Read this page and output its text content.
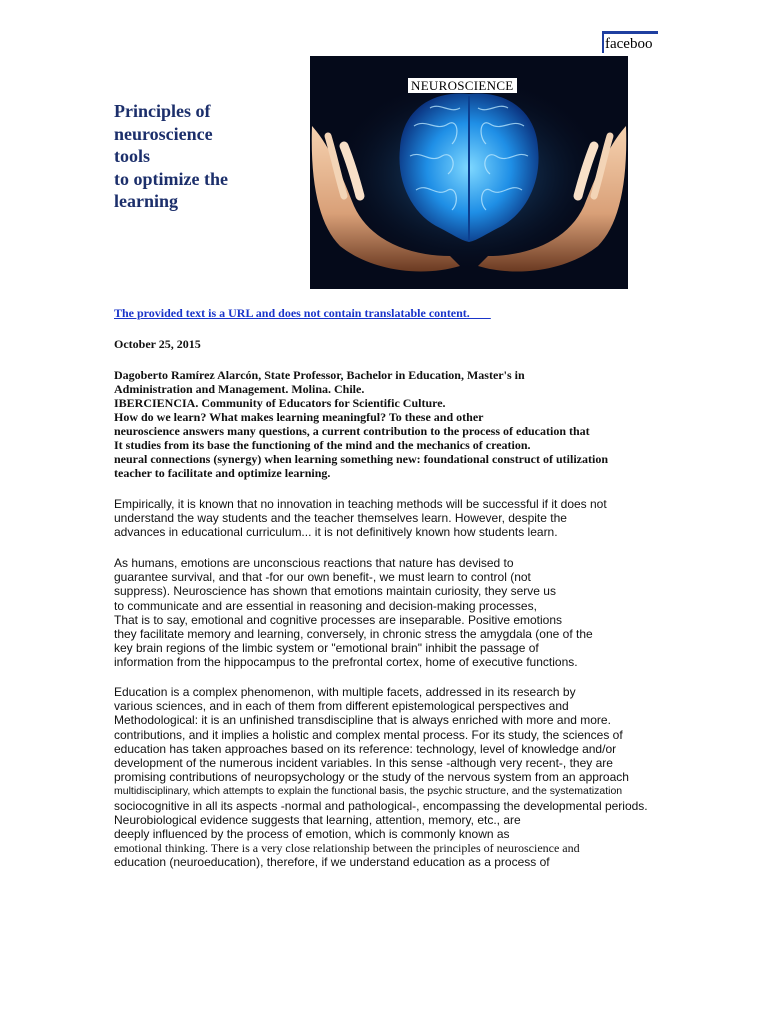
faceboo
Principles of
neuroscience
tools
to optimize the
learning
NEUROSCIENCE
The provided text is a URL and does not contain translatable content.
October 25, 2015
Dagoberto Ramírez Alarcón, State Professor, Bachelor in Education, Master's in
Administration and Management. Molina. Chile.
IBERCIENCIA. Community of Educators for Scientific Culture.
How do we learn? What makes learning meaningful? To these and other
neuroscience answers many questions, a current contribution to the process of education that
It studies from its base the functioning of the mind and the mechanics of creation.
neural connections (synergy) when learning something new: foundational construct of utilization
teacher to facilitate and optimize learning.
Empirically, it is known that no innovation in teaching methods will be successful if it does not
understand the way students and the teacher themselves learn. However, despite the
advances in educational curriculum... it is not definitively known how students learn.
As humans, emotions are unconscious reactions that nature has devised to
guarantee survival, and that -for our own benefit-, we must learn to control (not
suppress). Neuroscience has shown that emotions maintain curiosity, they serve us
to communicate and are essential in reasoning and decision-making processes,
That is to say, emotional and cognitive processes are inseparable. Positive emotions
they facilitate memory and learning, conversely, in chronic stress the amygdala (one of the
key brain regions of the limbic system or "emotional brain" inhibit the passage of
information from the hippocampus to the prefrontal cortex, home of executive functions.
Education is a complex phenomenon, with multiple facets, addressed in its research by
various sciences, and in each of them from different epistemological perspectives and
Methodological: it is an unfinished transdiscipline that is always enriched with more and more.
contributions, and it implies a holistic and complex mental process. For its study, the sciences of
education has taken approaches based on its reference: technology, level of knowledge and/or
development of the numerous incident variables. In this sense -although very recent-, they are
promising contributions of neuropsychology or the study of the nervous system from an approach
multidisciplinary, which attempts to explain the functional basis, the psychic structure, and the systematization
sociocognitive in all its aspects -normal and pathological-, encompassing the developmental periods.
Neurobiological evidence suggests that learning, attention, memory, etc., are
deeply influenced by the process of emotion, which is commonly known as
emotional thinking. There is a very close relationship between the principles of neuroscience and
education (neuroeducation), therefore, if we understand education as a process of
